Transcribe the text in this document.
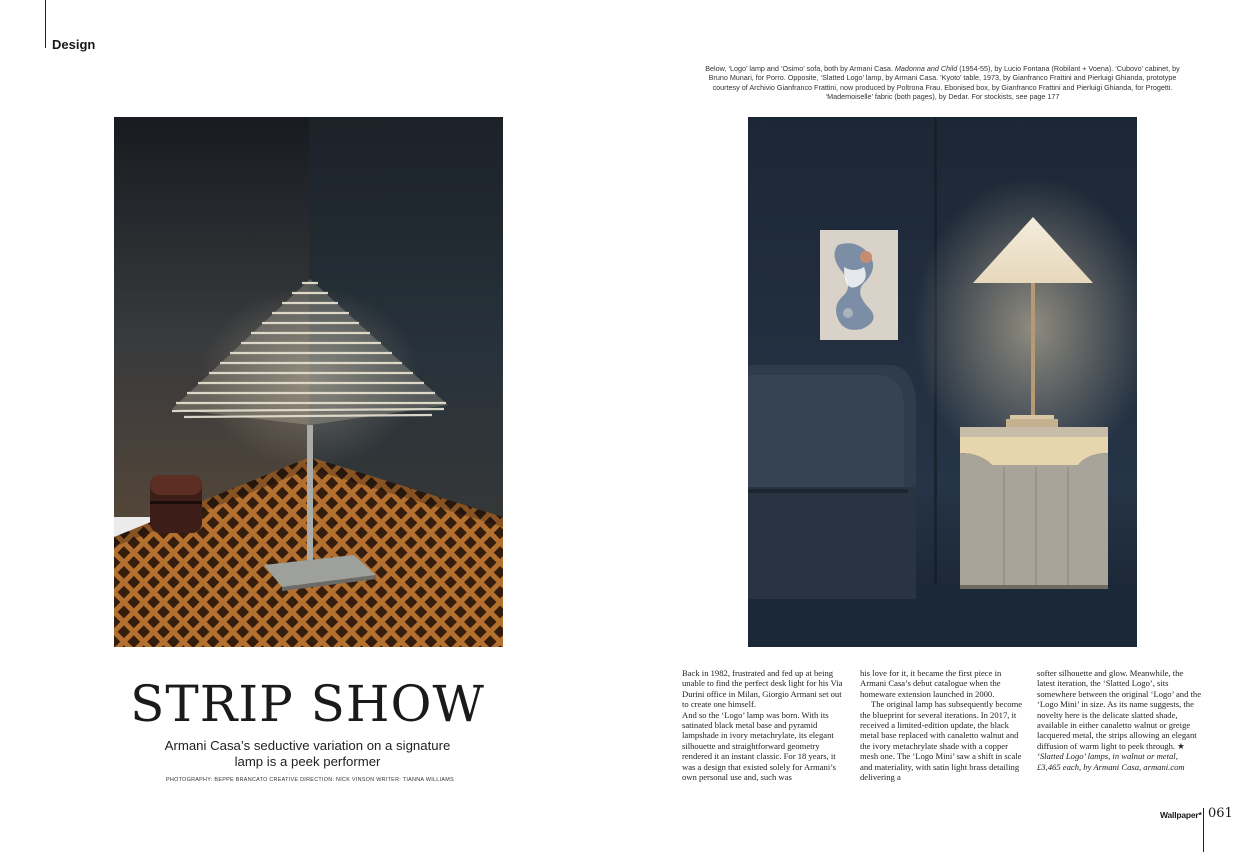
Design
Below, ‘Logo’ lamp and ‘Osimo’ sofa, both by Armani Casa. Madonna and Child (1954-55), by Lucio Fontana (Robilant + Voena). ‘Cubovo’ cabinet, by Bruno Munari, for Porro. Opposite, ‘Slatted Logo’ lamp, by Armani Casa. ‘Kyoto’ table, 1973, by Gianfranco Frattini and Pierluigi Ghianda, prototype courtesy of Archivio Gianfranco Frattini, now produced by Poltrona Frau. Ebonised box, by Gianfranco Frattini and Pierluigi Ghianda, for Progetti. ‘Mademoiselle’ fabric (both pages), by Dedar. For stockists, see page 177
STRIP SHOW
Armani Casa’s seductive variation on a signature lamp is a peek performer
PHOTOGRAPHY: BEPPE BRANCATO CREATIVE DIRECTION: NICK VINSON WRITER: TIANNA WILLIAMS

Back in 1982, frustrated and fed up at being unable to find the perfect desk light for his Via Durini office in Milan, Giorgio Armani set out to create one himself.

And so the ‘Logo’ lamp was born. With its satinated black metal base and pyramid lampshade in ivory metachrylate, its elegant silhouette and straightforward geometry rendered it an instant classic. For 18 years, it was a design that existed solely for Armani’s own personal use and, such was

his love for it, it became the first piece in Armani Casa’s debut catalogue when the homeware extension launched in 2000.

The original lamp has subsequently become the blueprint for several iterations. In 2017, it received a limited-edition update, the black metal base replaced with canaletto walnut and the ivory metachrylate shade with a copper mesh one. The ‘Logo Mini’ saw a shift in scale and materiality, with satin light brass detailing delivering a

softer silhouette and glow. Meanwhile, the latest iteration, the ‘Slatted Logo’, sits somewhere between the original ‘Logo’ and the ‘Logo Mini’ in size. As its name suggests, the novelty here is the delicate slatted shade, available in either canaletto walnut or greige lacquered metal, the strips allowing an elegant diffusion of warm light to peek through. ★

‘Slatted Logo’ lamps, in walnut or metal, £3,465 each, by Armani Casa, armani.com

Wallpaper* 061
